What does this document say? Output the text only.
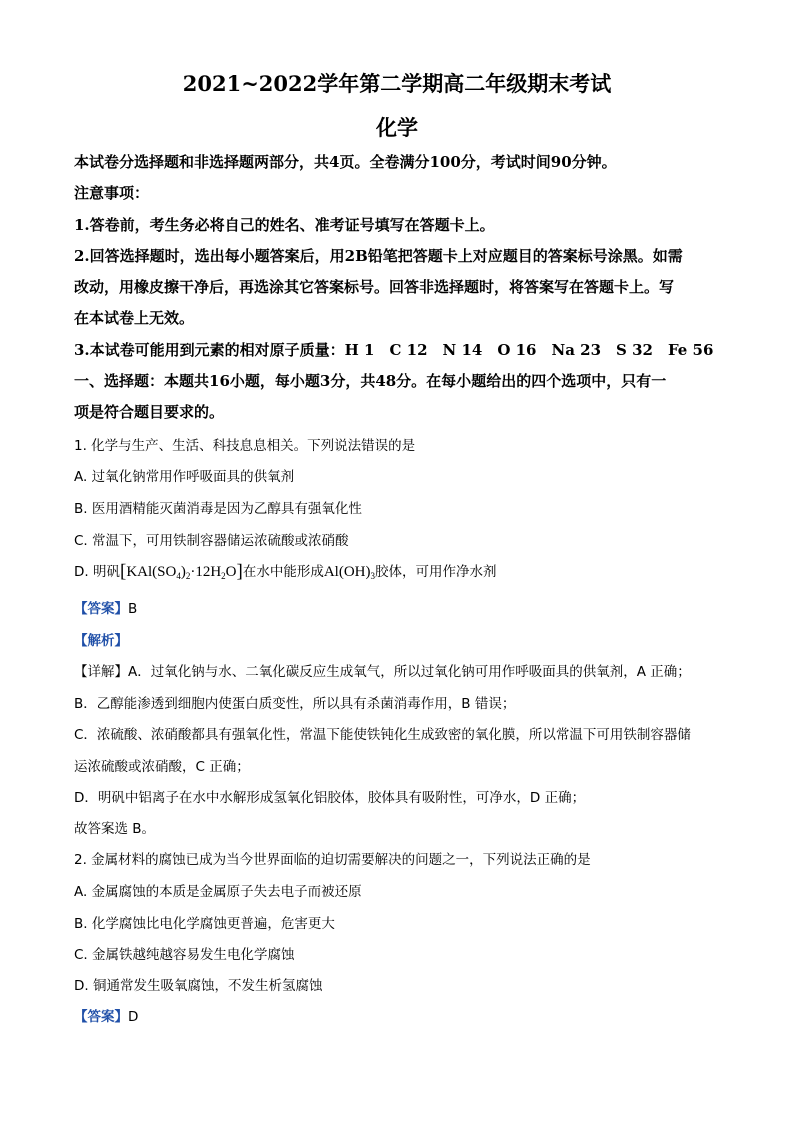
2021~2022学年第二学期高二年级期末考试
化学
本试卷分选择题和非选择题两部分，共4页。全卷满分100分，考试时间90分钟。
注意事项：
1.答卷前，考生务必将自己的姓名、准考证号填写在答题卡上。
2.回答选择题时，选出每小题答案后，用2B铅笔把答题卡上对应题目的答案标号涂黑。如需
改动，用橡皮擦干净后，再选涂其它答案标号。回答非选择题时，将答案写在答题卡上。写
在本试卷上无效。
3.本试卷可能用到元素的相对原子质量：H 1　C 12　N 14　O 16　Na 23　S 32　Fe 56
一、选择题：本题共16小题，每小题3分，共48分。在每小题给出的四个选项中，只有一
项是符合题目要求的。
1. 化学与生产、生活、科技息息相关。下列说法错误的是
A. 过氧化钠常用作呼吸面具的供氧剂
B. 医用酒精能灭菌消毒是因为乙醇具有强氧化性
C. 常温下，可用铁制容器储运浓硫酸或浓硝酸
D. 明矾$[KAl(SO_4)_2\cdot 12H_2O]$在水中能形成$Al(OH)_3$胶体，可用作净水剂
【答案】B
【解析】
【详解】A．过氧化钠与水、二氧化碳反应生成氧气，所以过氧化钠可用作呼吸面具的供氧剂，A 正确；
B．乙醇能渗透到细胞内使蛋白质变性，所以具有杀菌消毒作用，B 错误；
C．浓硫酸、浓硝酸都具有强氧化性，常温下能使铁钝化生成致密的氧化膜，所以常温下可用铁制容器储
运浓硫酸或浓硝酸，C 正确；
D．明矾中铝离子在水中水解形成氢氧化铝胶体，胶体具有吸附性，可净水，D 正确；
故答案选 B。
2. 金属材料的腐蚀已成为当今世界面临的迫切需要解决的问题之一，下列说法正确的是
A. 金属腐蚀的本质是金属原子失去电子而被还原
B. 化学腐蚀比电化学腐蚀更普遍，危害更大
C. 金属铁越纯越容易发生电化学腐蚀
D. 铜通常发生吸氧腐蚀，不发生析氢腐蚀
【答案】D
